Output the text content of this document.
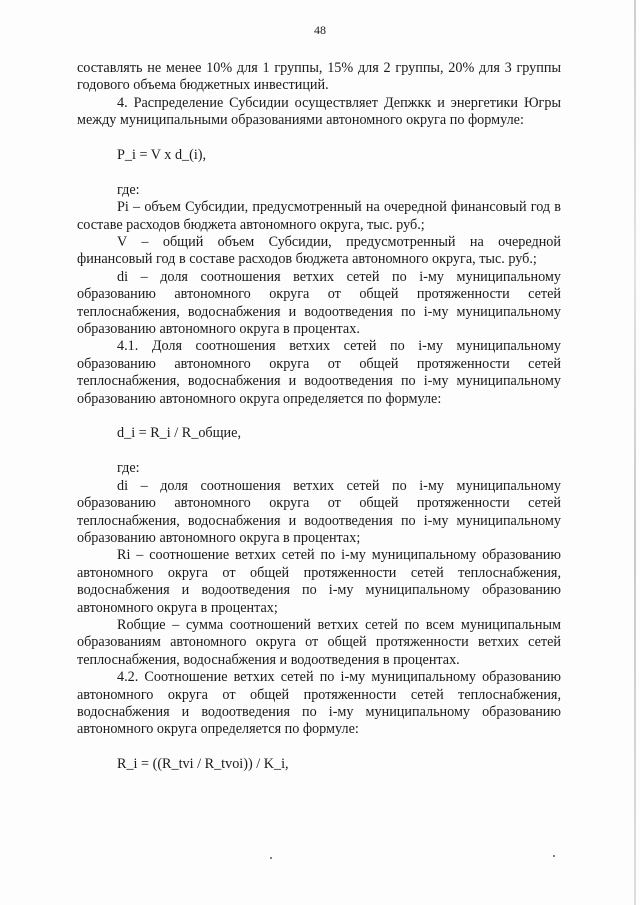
48

составлять не менее 10% для 1 группы, 15% для 2 группы, 20% для 3 группы годового объема бюджетных инвестиций.

4. Распределение Субсидии осуществляет Депжкк и энергетики Югры между муниципальными образованиями автономного округа по формуле:

P_i = V x d_(i),

где:

Pi – объем Субсидии, предусмотренный на очередной финансовый год в составе расходов бюджета автономного округа, тыс. руб.;

V – общий объем Субсидии, предусмотренный на очередной финансовый год в составе расходов бюджета автономного округа, тыс. руб.;

di – доля соотношения ветхих сетей по i-му муниципальному образованию автономного округа от общей протяженности сетей теплоснабжения, водоснабжения и водоотведения по i-му муниципальному образованию автономного округа в процентах.

4.1. Доля соотношения ветхих сетей по i-му муниципальному образованию автономного округа от общей протяженности сетей теплоснабжения, водоснабжения и водоотведения по i-му муниципальному образованию автономного округа определяется по формуле:

d_i = R_i / R_общие,

где:

di – доля соотношения ветхих сетей по i-му муниципальному образованию автономного округа от общей протяженности сетей теплоснабжения, водоснабжения и водоотведения по i-му муниципальному образованию автономного округа в процентах;

Ri – соотношение ветхих сетей по i-му муниципальному образованию автономного округа от общей протяженности сетей теплоснабжения, водоснабжения и водоотведения по i-му муниципальному образованию автономного округа в процентах;

Rобщие – сумма соотношений ветхих сетей по всем муниципальным образованиям автономного округа от общей протяженности ветхих сетей теплоснабжения, водоснабжения и водоотведения в процентах.

4.2. Соотношение ветхих сетей по i-му муниципальному образованию автономного округа от общей протяженности сетей теплоснабжения, водоснабжения и водоотведения по i-му муниципальному образованию автономного округа определяется по формуле:

R_i = ((R_tvi / R_tvoi)) / K_i,
